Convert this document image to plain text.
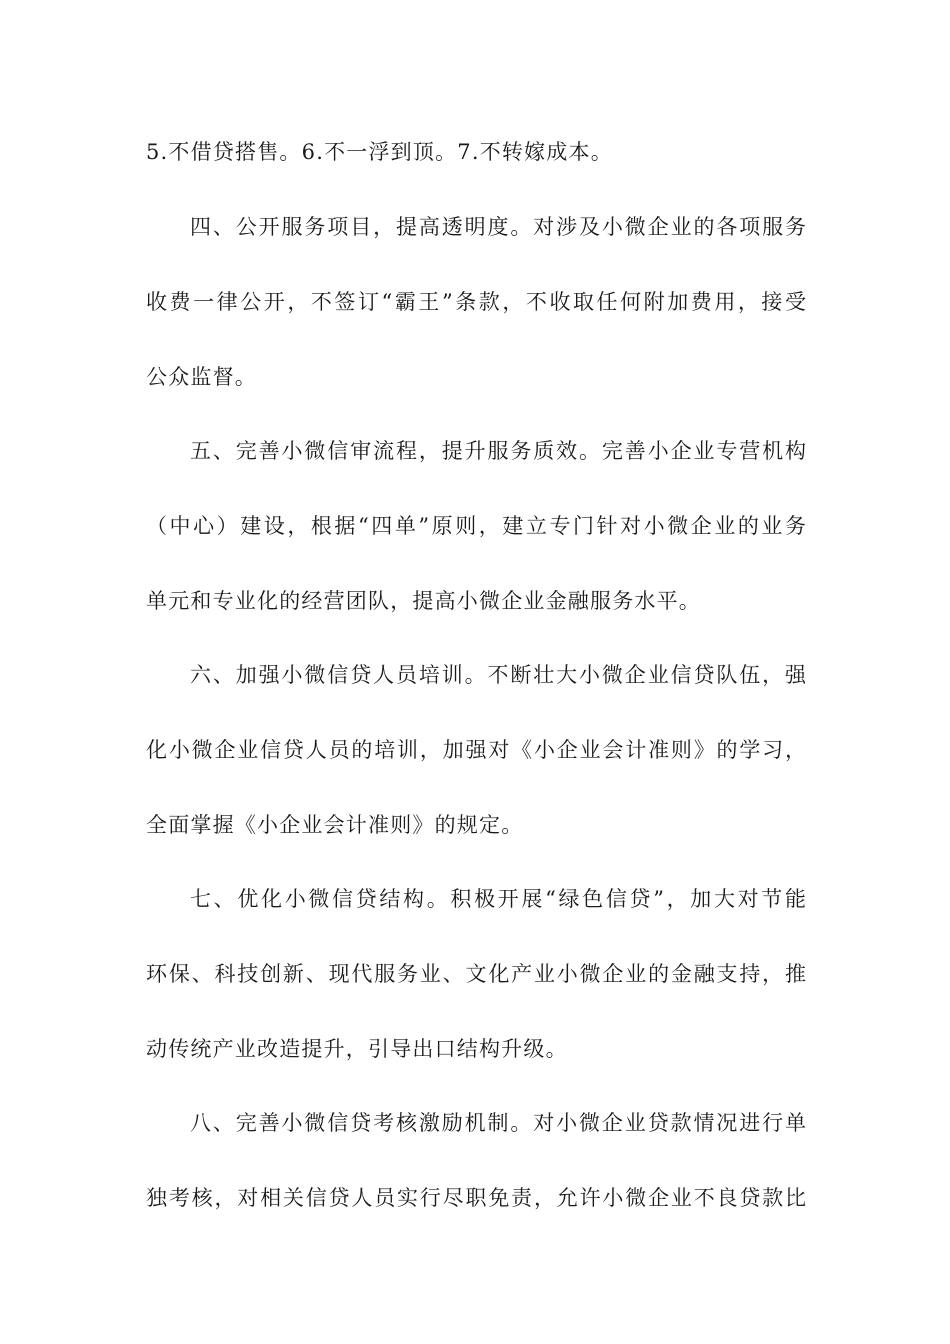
5.不借贷搭售。6.不一浮到顶。7.不转嫁成本。
四、公开服务项目，提高透明度。对涉及小微企业的各项服务
收费一律公开，不签订“霸王”条款，不收取任何附加费用，接受
公众监督。
五、完善小微信审流程，提升服务质效。完善小企业专营机构
（中心）建设，根据“四单”原则，建立专门针对小微企业的业务
单元和专业化的经营团队，提高小微企业金融服务水平。
六、加强小微信贷人员培训。不断壮大小微企业信贷队伍，强
化小微企业信贷人员的培训，加强对《小企业会计准则》的学习，
全面掌握《小企业会计准则》的规定。
七、优化小微信贷结构。积极开展“绿色信贷”，加大对节能
环保、科技创新、现代服务业、文化产业小微企业的金融支持，推
动传统产业改造提升，引导出口结构升级。
八、完善小微信贷考核激励机制。对小微企业贷款情况进行单
独考核，对相关信贷人员实行尽职免责，允许小微企业不良贷款比
